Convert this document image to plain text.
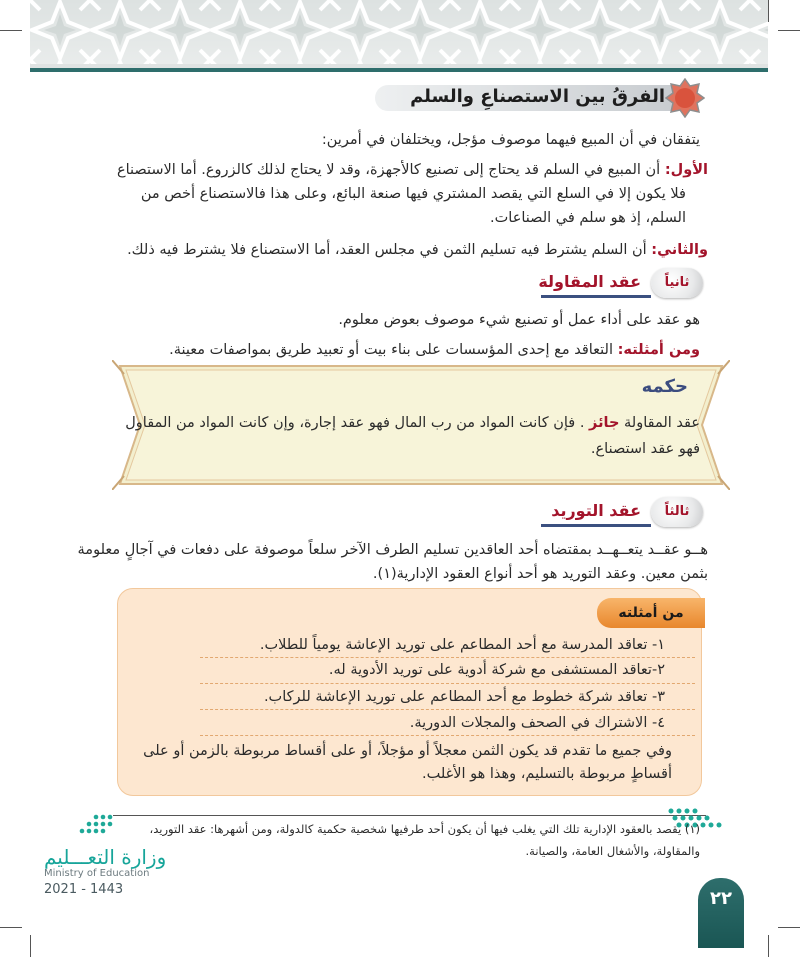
الفرقُ بين الاستصناعِ والسلم
يتفقان في أن المبيع فيهما موصوف مؤجل، ويختلفان في أمرين:
الأول: أن المبيع في السلم قد يحتاج إلى تصنيع كالأجهزة، وقد لا يحتاج لذلك كالزروع. أما الاستصناع
فلا يكون إلا في السلع التي يقصد المشتري فيها صنعة البائع، وعلى هذا فالاستصناع أخص من
السلم، إذ هو سلم في الصناعات.
والثاني: أن السلم يشترط فيه تسليم الثمن في مجلس العقد، أما الاستصناع فلا يشترط فيه ذلك.
ثانياً
عقد المقاولة
هو عقد على أداء عمل أو تصنيع شيء موصوف بعوض معلوم.
ومن أمثلته: التعاقد مع إحدى المؤسسات على بناء بيت أو تعبيد طريق بمواصفات معينة.
حكمه
عقد المقاولة جائز . فإن كانت المواد من رب المال فهو عقد إجارة، وإن كانت المواد من المقاول
فهو عقد استصناع.
ثالثاً
عقد التوريد
هــو عقــد يتعــهــد بمقتضاه أحد العاقدين تسليم الطرف الآخر سلعاً موصوفة على دفعات في آجالٍ معلومة
بثمن معين. وعقد التوريد هو أحد أنواع العقود الإدارية(١).
من أمثلته
١- تعاقد المدرسة مع أحد المطاعم على توريد الإعاشة يومياً للطلاب.
٢-تعاقد المستشفى مع شركة أدوية على توريد الأدوية له.
٣- تعاقد شركة خطوط مع أحد المطاعم على توريد الإعاشة للركاب.
٤- الاشتراك في الصحف والمجلات الدورية.
وفي جميع ما تقدم قد يكون الثمن معجلاً أو مؤجلاً، أو على أقساط مربوطة بالزمن أو على
أقساطٍ مربوطة بالتسليم، وهذا هو الأغلب.
(١) يقصد بالعقود الإدارية تلك التي يغلب فيها أن يكون أحد طرفيها شخصية حكمية كالدولة، ومن أشهرها: عقد التوريد،
والمقاولة، والأشغال العامة، والصيانة.
وزارة التعـــليم
Ministry of Education
2021 - 1443	٢٢
